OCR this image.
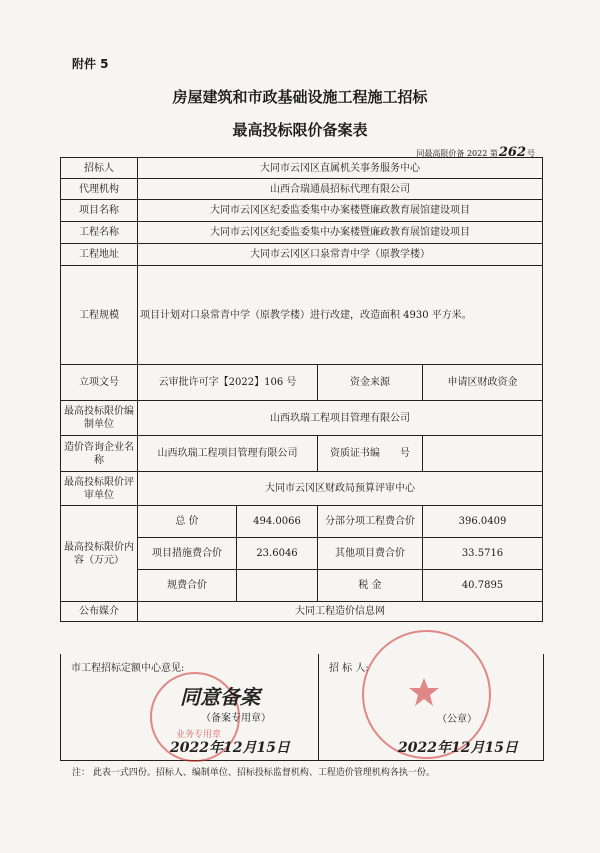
附件 5
房屋建筑和市政基础设施工程施工招标
最高投标限价备案表
同最高限价备 2022 第262号
招标人	大同市云冈区直属机关事务服务中心			
代理机构	山西合瑞通晨招标代理有限公司			
项目名称	大同市云冈区纪委监委集中办案楼暨廉政教育展馆建设项目			
工程名称	大同市云冈区纪委监委集中办案楼暨廉政教育展馆建设项目			
工程地址	大同市云冈区口泉常青中学（原教学楼）			
工程规模	项目计划对口泉常青中学（原教学楼）进行改建，改造面积 4930 平方米。			
立项文号	云审批许可字【2022】106 号		资金来源	申请区财政资金
最高投标限价编制单位	山西玖瑞工程项目管理有限公司			
造价咨询企业名称	山西玖瑞工程项目管理有限公司		资质证书编　　号	
最高投标限价评审单位	大同市云冈区财政局预算评审中心			
最高投标限价内容（万元）	总 价	494.0066	分部分项工程费合价	396.0409
	项目措施费合价	23.6046	其他项目费合价	33.5716
	规费合价		税 金	40.7895
公布媒介	大同工程造价信息网			
市工程招标定额中心意见:	招 标 人:
业务专用章
同意备案
（备案专用章）
2022年12月15日
（公章）
2022年12月15日
注： 此表一式四份。招标人、编制单位、招标投标监督机构、工程造价管理机构各执一份。
